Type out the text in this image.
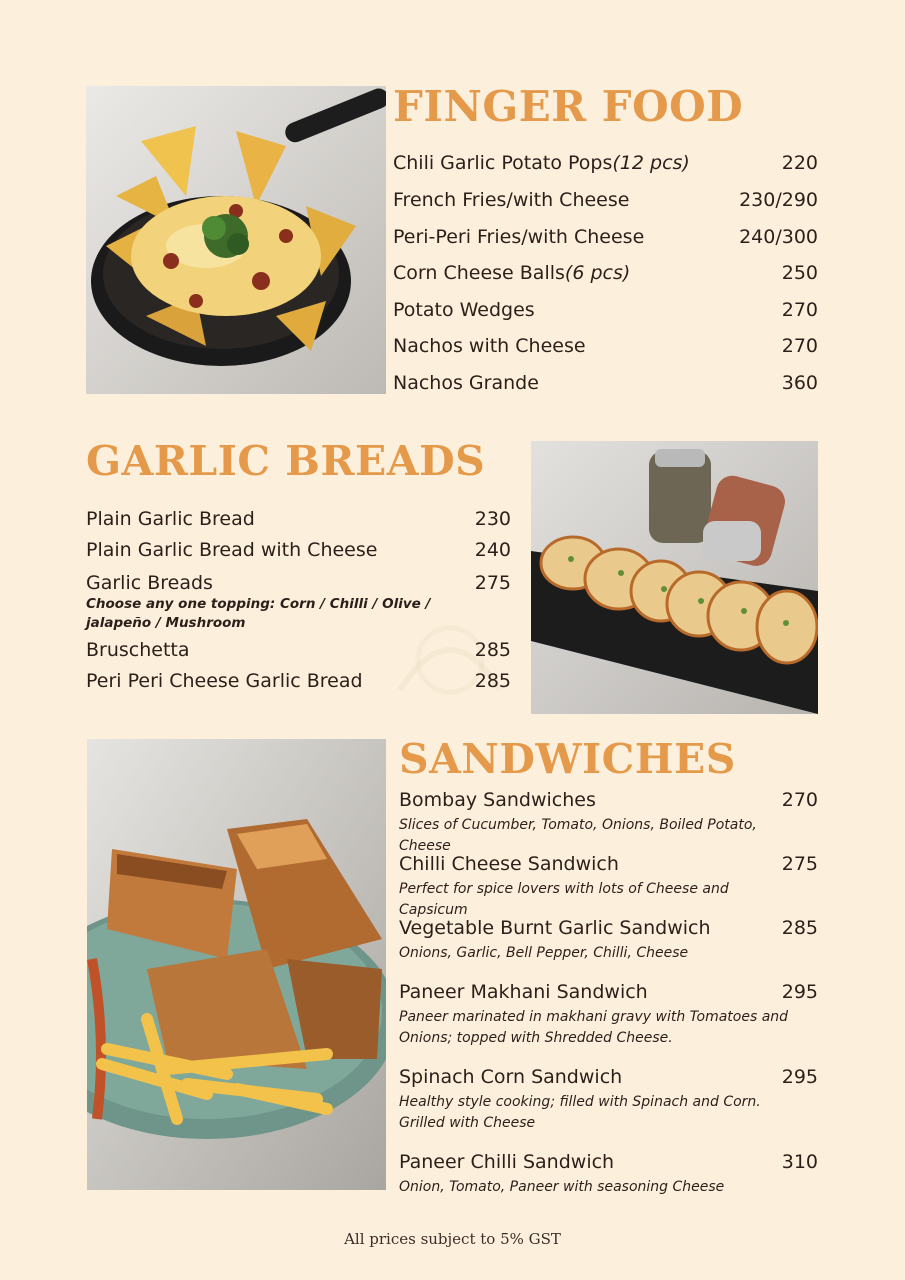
FINGER FOOD
Chili Garlic Potato Pops(12 pcs)	220
French Fries/with Cheese	230/290
Peri-Peri Fries/with Cheese	240/300
Corn Cheese Balls(6 pcs)	250
Potato Wedges	270
Nachos with Cheese	270
Nachos Grande	360
GARLIC BREADS
Plain Garlic Bread	230
Plain Garlic Bread with Cheese	240
Garlic Breads	275
Choose any one topping: Corn / Chilli / Olive / jalapeño / Mushroom
Bruschetta	285
Peri Peri Cheese Garlic Bread	285
SANDWICHES
Bombay Sandwiches	270
Slices of Cucumber, Tomato, Onions, Boiled Potato, Cheese
Chilli Cheese Sandwich	275
Perfect for spice lovers with lots of Cheese and Capsicum
Vegetable Burnt Garlic Sandwich	285
Onions, Garlic, Bell Pepper, Chilli, Cheese
Paneer Makhani Sandwich	295
Paneer marinated in makhani gravy with Tomatoes and Onions; topped with Shredded Cheese.
Spinach Corn Sandwich	295
Healthy style cooking; filled with Spinach and Corn. Grilled with Cheese
Paneer Chilli Sandwich	310
Onion, Tomato, Paneer with seasoning Cheese
All prices subject to 5% GST
